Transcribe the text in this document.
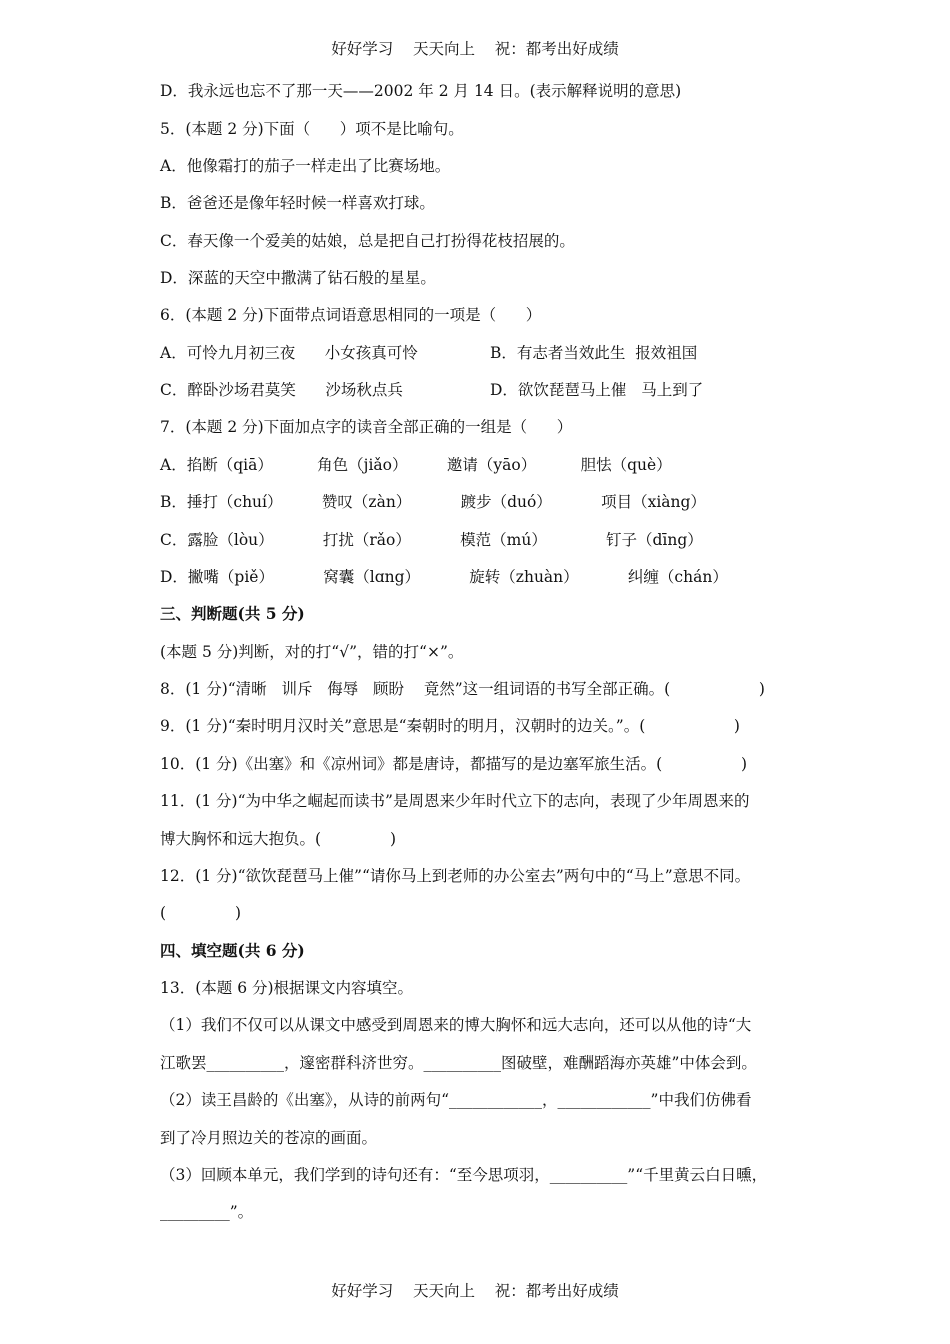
好好学习    天天向上    祝：都考出好成绩
D．我永远也忘不了那一天——2002 年 2 月 14 日。(表示解释说明的意思)
5．(本题 2 分)下面（      ）项不是比喻句。
A．他像霜打的茄子一样走出了比赛场地。
B．爸爸还是像年轻时候一样喜欢打球。
C．春天像一个爱美的姑娘，总是把自己打扮得花枝招展的。
D．深蓝的天空中撒满了钻石般的星星。
6．(本题 2 分)下面带点词语意思相同的一项是（      ）
A．可怜九月初三夜      小女孩真可怜	B．有志者当效此生  报效祖国
C．醉卧沙场君莫笑      沙场秋点兵	D．欲饮琵琶马上催   马上到了
7．(本题 2 分)下面加点字的读音全部正确的一组是（      ）
A．掐断（qiā）         角色（jiǎo）        邀请（yāo）         胆怯（què）
B．捶打（chuí）        赞叹（zàn）          踱步（duó）          项目（xiàng）
C．露脸（lòu）          打扰（rǎo）          模范（mú）            钉子（dīng）
D．撇嘴（piě）          窝囊（lɑng）          旋转（zhuàn）          纠缠（chán）
三、判断题(共 5 分)
(本题 5 分)判断，对的打“√”，错的打“×”。
8．(1 分)“清晰   训斥   侮辱   顾盼    竟然”这一组词语的书写全部正确。(                  )
9．(1 分)“秦时明月汉时关”意思是“秦朝时的明月，汉朝时的边关。”。(                  )
10．(1 分)《出塞》和《凉州词》都是唐诗，都描写的是边塞军旅生活。(                )
11．(1 分)“为中华之崛起而读书”是周恩来少年时代立下的志向，表现了少年周恩来的
博大胸怀和远大抱负。(              )
12．(1 分)“欲饮琵琶马上催”“请你马上到老师的办公室去”两句中的“马上”意思不同。
(              )
四、填空题(共 6 分)
13．(本题 6 分)根据课文内容填空。
（1）我们不仅可以从课文中感受到周恩来的博大胸怀和远大志向，还可以从他的诗“大
江歌罢__________，邃密群科济世穷。__________图破壁，难酬蹈海亦英雄”中体会到。
（2）读王昌龄的《出塞》，从诗的前两句“____________，____________”中我们仿佛看
到了冷月照边关的苍凉的画面。
（3）回顾本单元，我们学到的诗句还有：“至今思项羽，__________”“千里黄云白日曛，
_________”。
好好学习    天天向上    祝：都考出好成绩
